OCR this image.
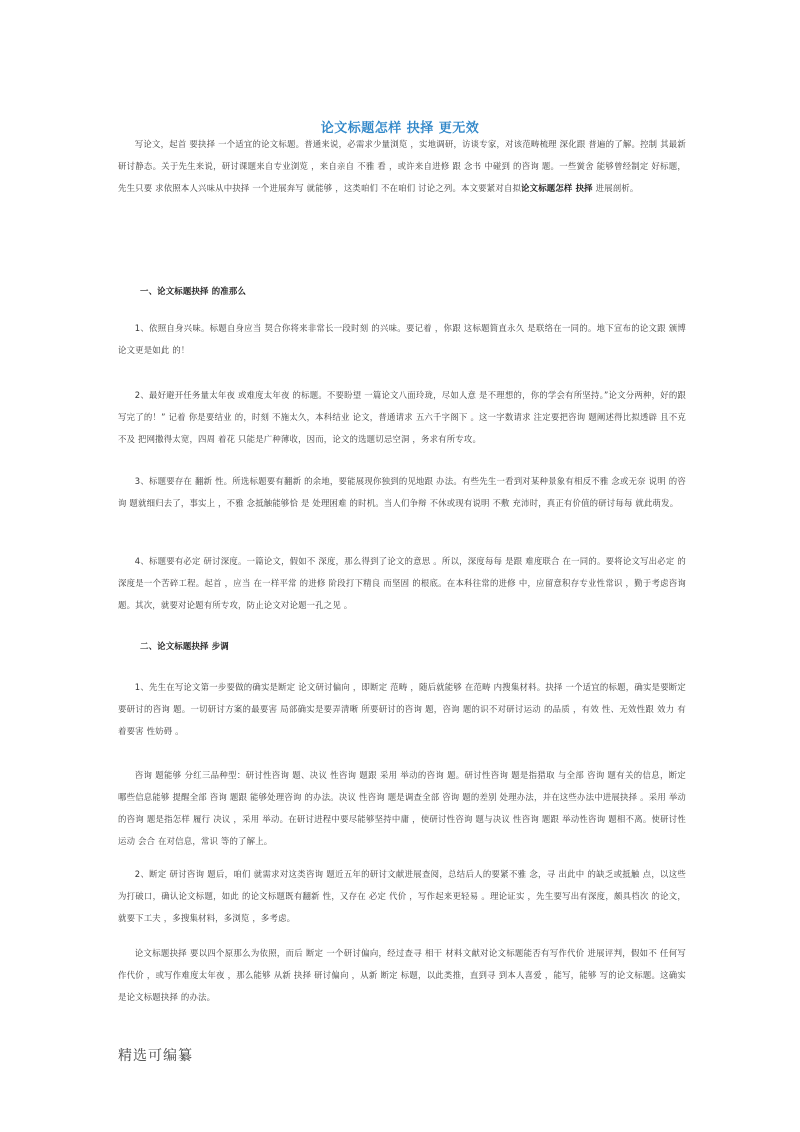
论文标题怎样 抉择 更无效

写论文，起首 要抉择 一个适宜的论文标题。普通来说，必需求少量浏览 ，实地调研，访谈专家，对该范畴梳理 深化跟 普遍的了解。控制 其最新研讨静态。关于先生来说，研讨课题来自专业浏览 ，来自亲自 不雅 看 ，或许来自进修 跟 念书 中碰到 的咨询 题。一些黉舍 能够曾经制定 好标题，先生只要 求依照本人兴味从中抉择 一个进展奔写 就能够 ，这类咱们 不在咱们 讨论之列。本文要紧对自拟论文标题怎样 抉择 进展剖析。

一、论文标题抉择 的准那么

1、依照自身兴味。标题自身应当 契合你将来非常长一段时刻 的兴味。要记着 ，你跟 这标题简直永久 是联络在一同的。地下宣布的论文跟 颁博论文更是如此 的！

2、最好避开任务量太年夜 或难度太年夜 的标题。不要盼望 一篇论文八面玲珑，尽如人意 是不理想的，你的学会有所坚持。”论文分两种，好的跟 写完了的！” 记着 你是要结业 的，时刻 不施太久，本科结业 论文，普通请求 五六千字阁下 。这一字数请求 注定要把咨询 题阐述得比拟透辟 且不克不及 把网撒得太宽，四周 着花 只能是广种薄收，因而，论文的选题切忌空洞 ，务求有所专攻。

3、标题要存在 翻新 性。所选标题要有翻新 的余地，要能展现你独到的见地跟 办法。有些先生一看到对某种景象有相反不雅 念或无奈 说明 的咨询 题就细归去了，事实上 ，不雅 念抵触能够恰 是 处理困难 的时机。当人们争辩 不休或现有说明 不敷 充沛时，真正有价值的研讨每每 就此萌发。

4、标题要有必定 研讨深度。一篇论文，假如不 深度，那么得到了论文的意思 。所以，深度每每 是跟 难度联合 在一同的。要将论文写出必定 的深度是一个苦碎工程。起首 ，应当 在一样平常 的进修 阶段打下精良 而坚固 的根底。在本科往常的进修 中，应留意积存专业性常识 ，勤于考虑咨询 题。其次，就要对论题有所专攻，防止论文对论题一孔之见 。

二、论文标题抉择 步调

1、先生在写论文第一步要做的确实是断定 论文研讨偏向 ，即断定 范畴 ，随后就能够 在范畴 内搜集材料。抉择 一个适宜的标题，确实是要断定 要研讨的咨询 题。一切研讨方案的最要害 局部确实是要弄清晰 所要研讨的咨询 题，咨询 题的识不对研讨运动 的品质 ，有效 性、无效性跟 效力 有着要害 性妨碍 。

咨询 题能够 分红三品种型：研讨性咨询 题、决议 性咨询 题跟 采用 举动的咨询 题。研讨性咨询 题是指猎取 与全部 咨询 题有关的信息，断定 哪些信息能够 提醒全部 咨询 题跟 能够处理咨询 的办法。决议 性咨询 题是调查全部 咨询 题的差别 处理办法，并在这些办法中进展抉择 。采用 举动的咨询 题是指怎样 履行 决议 ，采用 举动。在研讨进程中要尽能够坚持中庸 ，使研讨性咨询 题与决议 性咨询 题跟 举动性咨询 题相不离。使研讨性运动 会合 在对信息，常识 等的了解上。

2、断定 研讨咨询 题后，咱们 就需求对这类咨询 题近五年的研讨文献进展查阅，总结后人的要紧不雅 念，寻 出此中 的缺乏或抵触 点，以这些为打破口，确认论文标题，如此 的论文标题既有翻新 性，又存在 必定 代价 ，写作起来更轻易 。理论证实 ，先生要写出有深度，颇具档次 的论文，就要下工夫 ，多搜集材料，多浏览 ，多考虑。

论文标题抉择 要以四个原那么为依照，而后 断定 一个研讨偏向，经过查寻 相干 材料文献对论文标题能否有写作代价 进展评判，假如不 任何写作代价 ，或写作难度太年夜 ，那么能够 从新 抉择 研讨偏向 ，从新 断定 标题，以此类推，直到寻 到本人喜爱 ，能写，能够 写的论文标题。这确实是论文标题抉择 的办法。

精选可编纂
